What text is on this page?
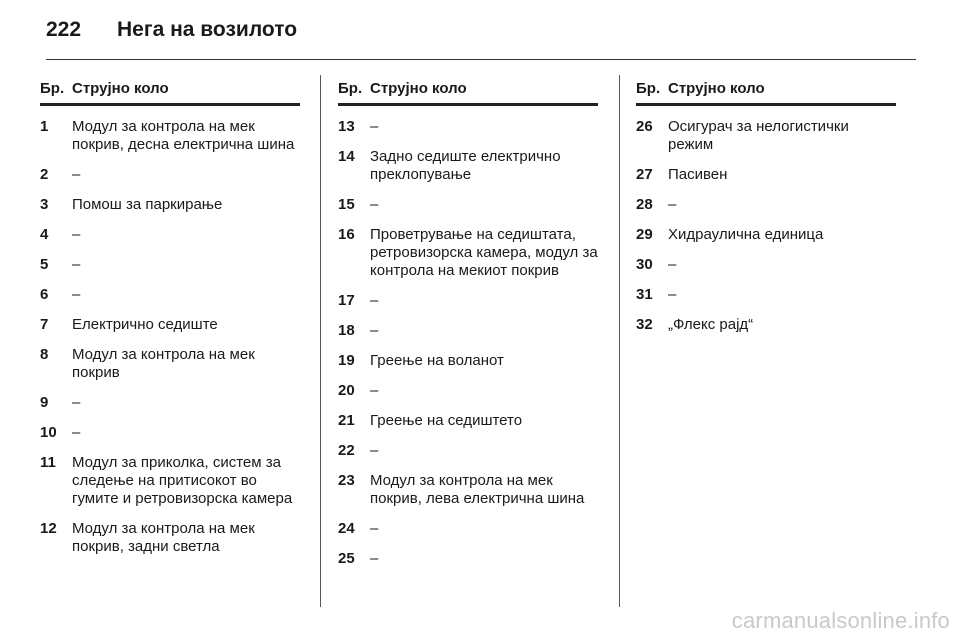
222 Нега на возилото
Бр. Струјно коло
1	Модул за контрола на мек покрив, десна електрична шина
2	–
3	Помош за паркирање
4	–
5	–
6	–
7	Електрично седиште
8	Модул за контрола на мек покрив
9	–
10	–
11	Модул за приколка, систем за следење на притисокот во гумите и ретровизорска камера
12	Модул за контрола на мек покрив, задни светла
Бр. Струјно коло
13	–
14	Задно седиште електрично преклопување
15	–
16	Проветрување на седиштата, ретровизорска камера, модул за контрола на мекиот покрив
17	–
18	–
19	Греење на воланот
20	–
21	Греење на седиштето
22	–
23	Модул за контрола на мек покрив, лева електрична шина
24	–
25	–
Бр. Струјно коло
26	Осигурач за нелогистички режим
27	Пасивен
28	–
29	Хидраулична единица
30	–
31	–
32	„Флекс рајд“
carmanualsonline.info
